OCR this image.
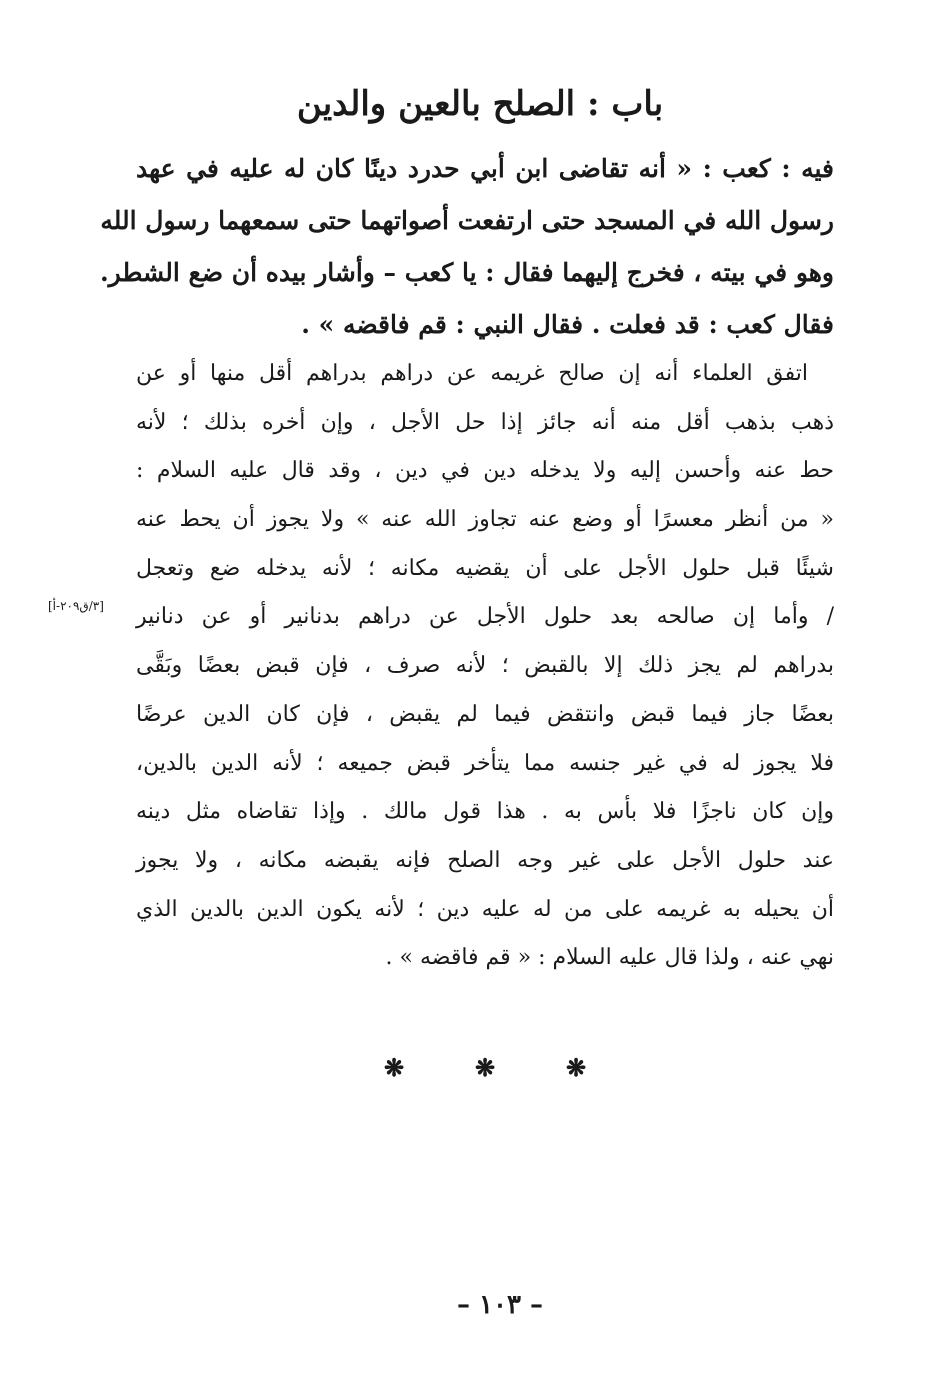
باب : الصلح بالعين والدين
فيه : كعب : « أنه تقاضى ابن أبي حدرد دينًا كان له عليه في عهد
رسول الله في المسجد حتى ارتفعت أصواتهما حتى سمعهما رسول الله
وهو في بيته ، فخرج إليهما فقال : يا كعب – وأشار بيده أن ضع الشطر.
فقال كعب : قد فعلت . فقال النبي : قم فاقضه » .
اتفق العلماء أنه إن صالح غريمه عن دراهم بدراهم أقل منها أو عن
ذهب بذهب أقل منه أنه جائز إذا حل الأجل ، وإن أخره بذلك ؛ لأنه
حط عنه وأحسن إليه ولا يدخله دين في دين ، وقد قال عليه السلام :
« من أنظر معسرًا أو وضع عنه تجاوز الله عنه » ولا يجوز أن يحط عنه
شيئًا قبل حلول الأجل على أن يقضيه مكانه ؛ لأنه يدخله ضع وتعجل
/ وأما إن صالحه بعد حلول الأجل عن دراهم بدنانير أو عن دنانير
بدراهم لم يجز ذلك إلا بالقبض ؛ لأنه صرف ، فإن قبض بعضًا وبَقَّى
بعضًا جاز فيما قبض وانتقض فيما لم يقبض ، فإن كان الدين عرضًا
فلا يجوز له في غير جنسه مما يتأخر قبض جميعه ؛ لأنه الدين بالدين،
وإن كان ناجزًا فلا بأس به . هذا قول مالك . وإذا تقاضاه مثل دينه
عند حلول الأجل على غير وجه الصلح فإنه يقبضه مكانه ، ولا يجوز
أن يحيله به غريمه على من له عليه دين ؛ لأنه يكون الدين بالدين الذي
نهي عنه ، ولذا قال عليه السلام : « قم فاقضه » .
[٣/ق٢٠٩-أ]
❋	❋	❋
– ١٠٣ –
